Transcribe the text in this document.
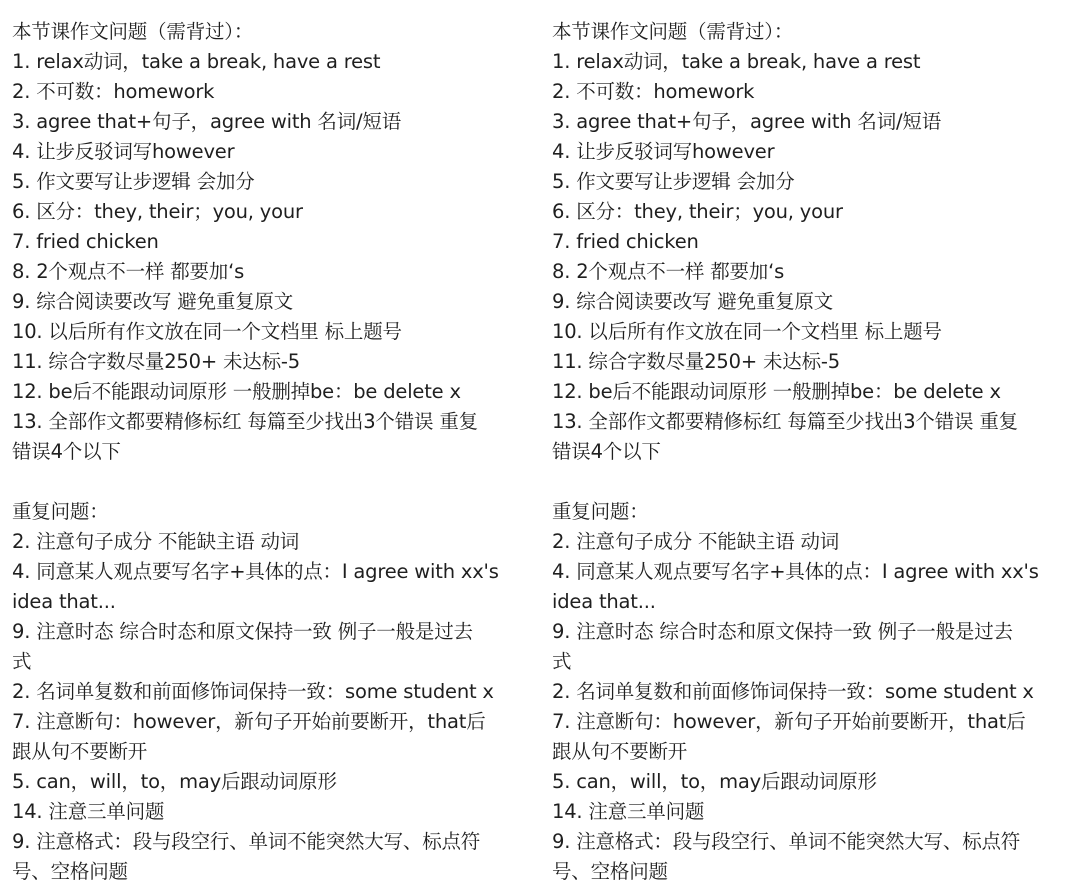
本节课作文问题（需背过）：
1. relax动词，take a break, have a rest
2. 不可数：homework
3. agree that+句子，agree with 名词/短语
4. 让步反驳词写however
5. 作文要写让步逻辑 会加分
6. 区分：they, their；you, your
7. fried chicken
8. 2个观点不一样 都要加‘s
9. 综合阅读要改写 避免重复原文
10. 以后所有作文放在同一个文档里 标上题号
11. 综合字数尽量250+ 未达标-5
12. be后不能跟动词原形 一般删掉be：be delete x
13. 全部作文都要精修标红 每篇至少找出3个错误 重复
错误4个以下
重复问题：
2. 注意句子成分 不能缺主语 动词
4. 同意某人观点要写名字+具体的点：I agree with xx's
idea that...
9. 注意时态 综合时态和原文保持一致 例子一般是过去
式
2. 名词单复数和前面修饰词保持一致：some student x
7. 注意断句：however，新句子开始前要断开，that后
跟从句不要断开
5. can，will，to，may后跟动词原形
14. 注意三单问题
9. 注意格式：段与段空行、单词不能突然大写、标点符
号、空格问题
本节课作文问题（需背过）：
1. relax动词，take a break, have a rest
2. 不可数：homework
3. agree that+句子，agree with 名词/短语
4. 让步反驳词写however
5. 作文要写让步逻辑 会加分
6. 区分：they, their；you, your
7. fried chicken
8. 2个观点不一样 都要加‘s
9. 综合阅读要改写 避免重复原文
10. 以后所有作文放在同一个文档里 标上题号
11. 综合字数尽量250+ 未达标-5
12. be后不能跟动词原形 一般删掉be：be delete x
13. 全部作文都要精修标红 每篇至少找出3个错误 重复
错误4个以下
重复问题：
2. 注意句子成分 不能缺主语 动词
4. 同意某人观点要写名字+具体的点：I agree with xx's
idea that...
9. 注意时态 综合时态和原文保持一致 例子一般是过去
式
2. 名词单复数和前面修饰词保持一致：some student x
7. 注意断句：however，新句子开始前要断开，that后
跟从句不要断开
5. can，will，to，may后跟动词原形
14. 注意三单问题
9. 注意格式：段与段空行、单词不能突然大写、标点符
号、空格问题
